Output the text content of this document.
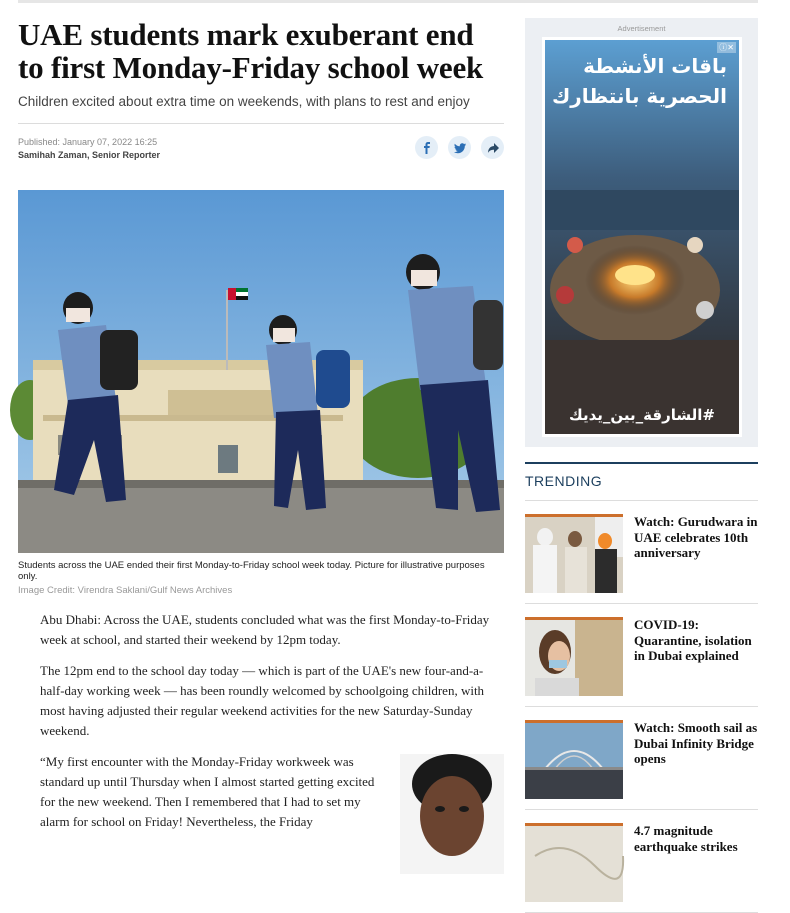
UAE students mark exuberant end to first Monday-Friday school week
Children excited about extra time on weekends, with plans to rest and enjoy
Published: January 07, 2022 16:25
Samihah Zaman, Senior Reporter
Students across the UAE ended their first Monday-to-Friday school week today. Picture for illustrative purposes only.
Image Credit: Virendra Saklani/Gulf News Archives

Abu Dhabi: Across the UAE, students concluded what was the first Monday-to-Friday week at school, and started their weekend by 12pm today.

The 12pm end to the school day today — which is part of the UAE's new four-and-a-half-day working week — has been roundly welcomed by schoolgoing children, with most having adjusted their regular weekend activities for the new Saturday-Sunday weekend.

“My first encounter with the Monday-Friday workweek was standard up until Thursday when I almost started getting excited for the new weekend. Then I remembered that I had to set my alarm for school on Friday! Nevertheless, the Friday

Advertisement
ⓘ✕
باقات الأنشطة
الحصرية بانتظارك
#الشارقة_بين_يديك
TRENDING
Watch: Gurudwara in UAE celebrates 10th anniversary
COVID-19: Quarantine, isolation in Dubai explained
Watch: Smooth sail as Dubai Infinity Bridge opens
4.7 magnitude earthquake strikes
